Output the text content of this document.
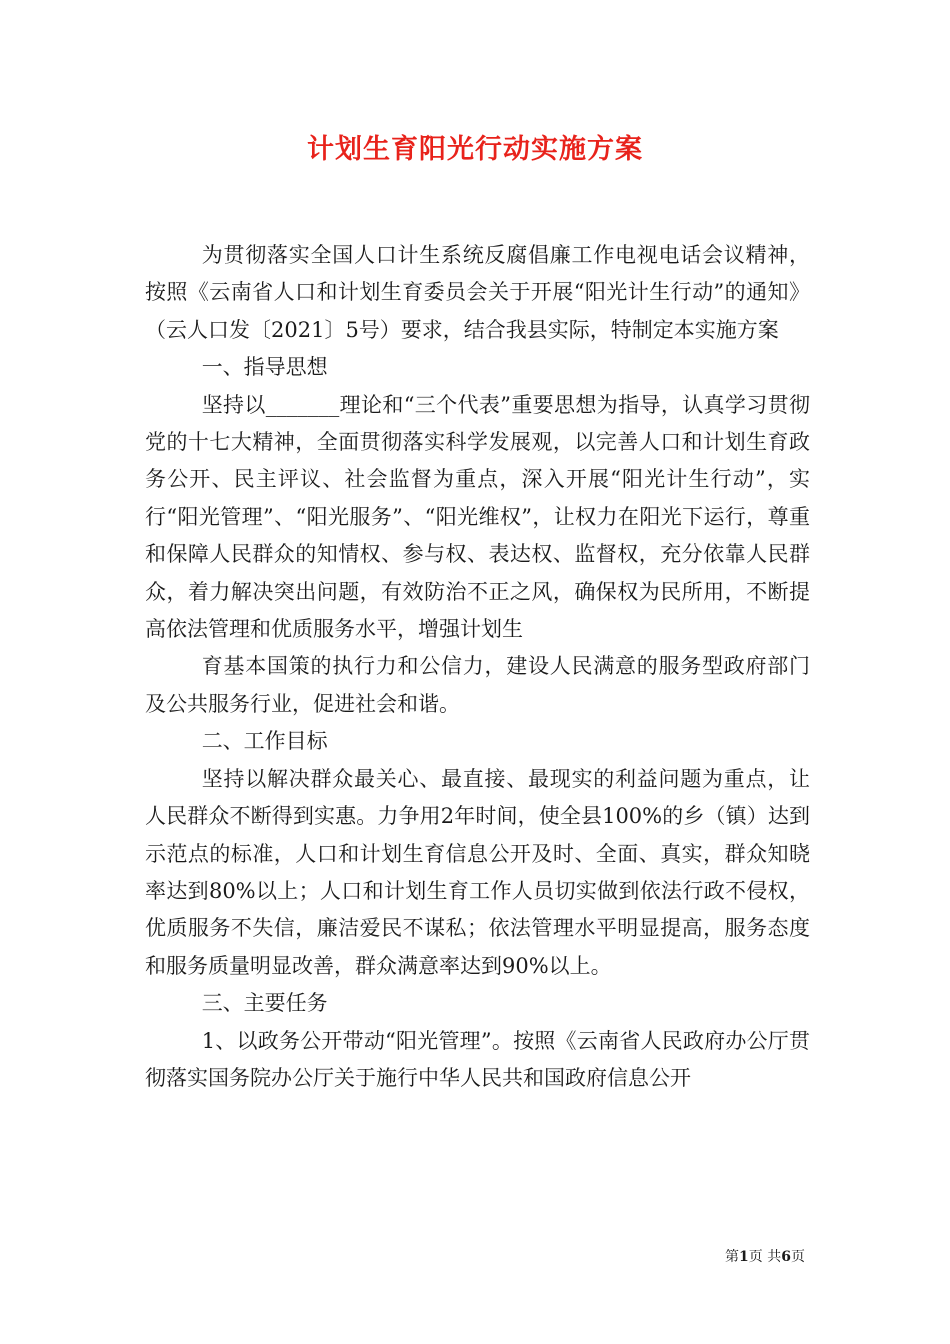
计划生育阳光行动实施方案

为贯彻落实全国人口计生系统反腐倡廉工作电视电话会议精神，按照《云南省人口和计划生育委员会关于开展“阳光计生行动”的通知》（云人口发〔2021〕5号）要求，结合我县实际，特制定本实施方案

一、指导思想

坚持以_______理论和“三个代表”重要思想为指导，认真学习贯彻党的十七大精神，全面贯彻落实科学发展观，以完善人口和计划生育政务公开、民主评议、社会监督为重点，深入开展“阳光计生行动”，实行“阳光管理”、“阳光服务”、“阳光维权”，让权力在阳光下运行，尊重和保障人民群众的知情权、参与权、表达权、监督权，充分依靠人民群众，着力解决突出问题，有效防治不正之风，确保权为民所用，不断提高依法管理和优质服务水平，增强计划生

育基本国策的执行力和公信力，建设人民满意的服务型政府部门及公共服务行业，促进社会和谐。

二、工作目标

坚持以解决群众最关心、最直接、最现实的利益问题为重点，让人民群众不断得到实惠。力争用2年时间，使全县100%的乡（镇）达到示范点的标准，人口和计划生育信息公开及时、全面、真实，群众知晓率达到80%以上；人口和计划生育工作人员切实做到依法行政不侵权，优质服务不失信，廉洁爱民不谋私；依法管理水平明显提高，服务态度和服务质量明显改善，群众满意率达到90%以上。

三、主要任务

1、以政务公开带动“阳光管理”。按照《云南省人民政府办公厅贯彻落实国务院办公厅关于施行中华人民共和国政府信息公开

第1页 共6页
